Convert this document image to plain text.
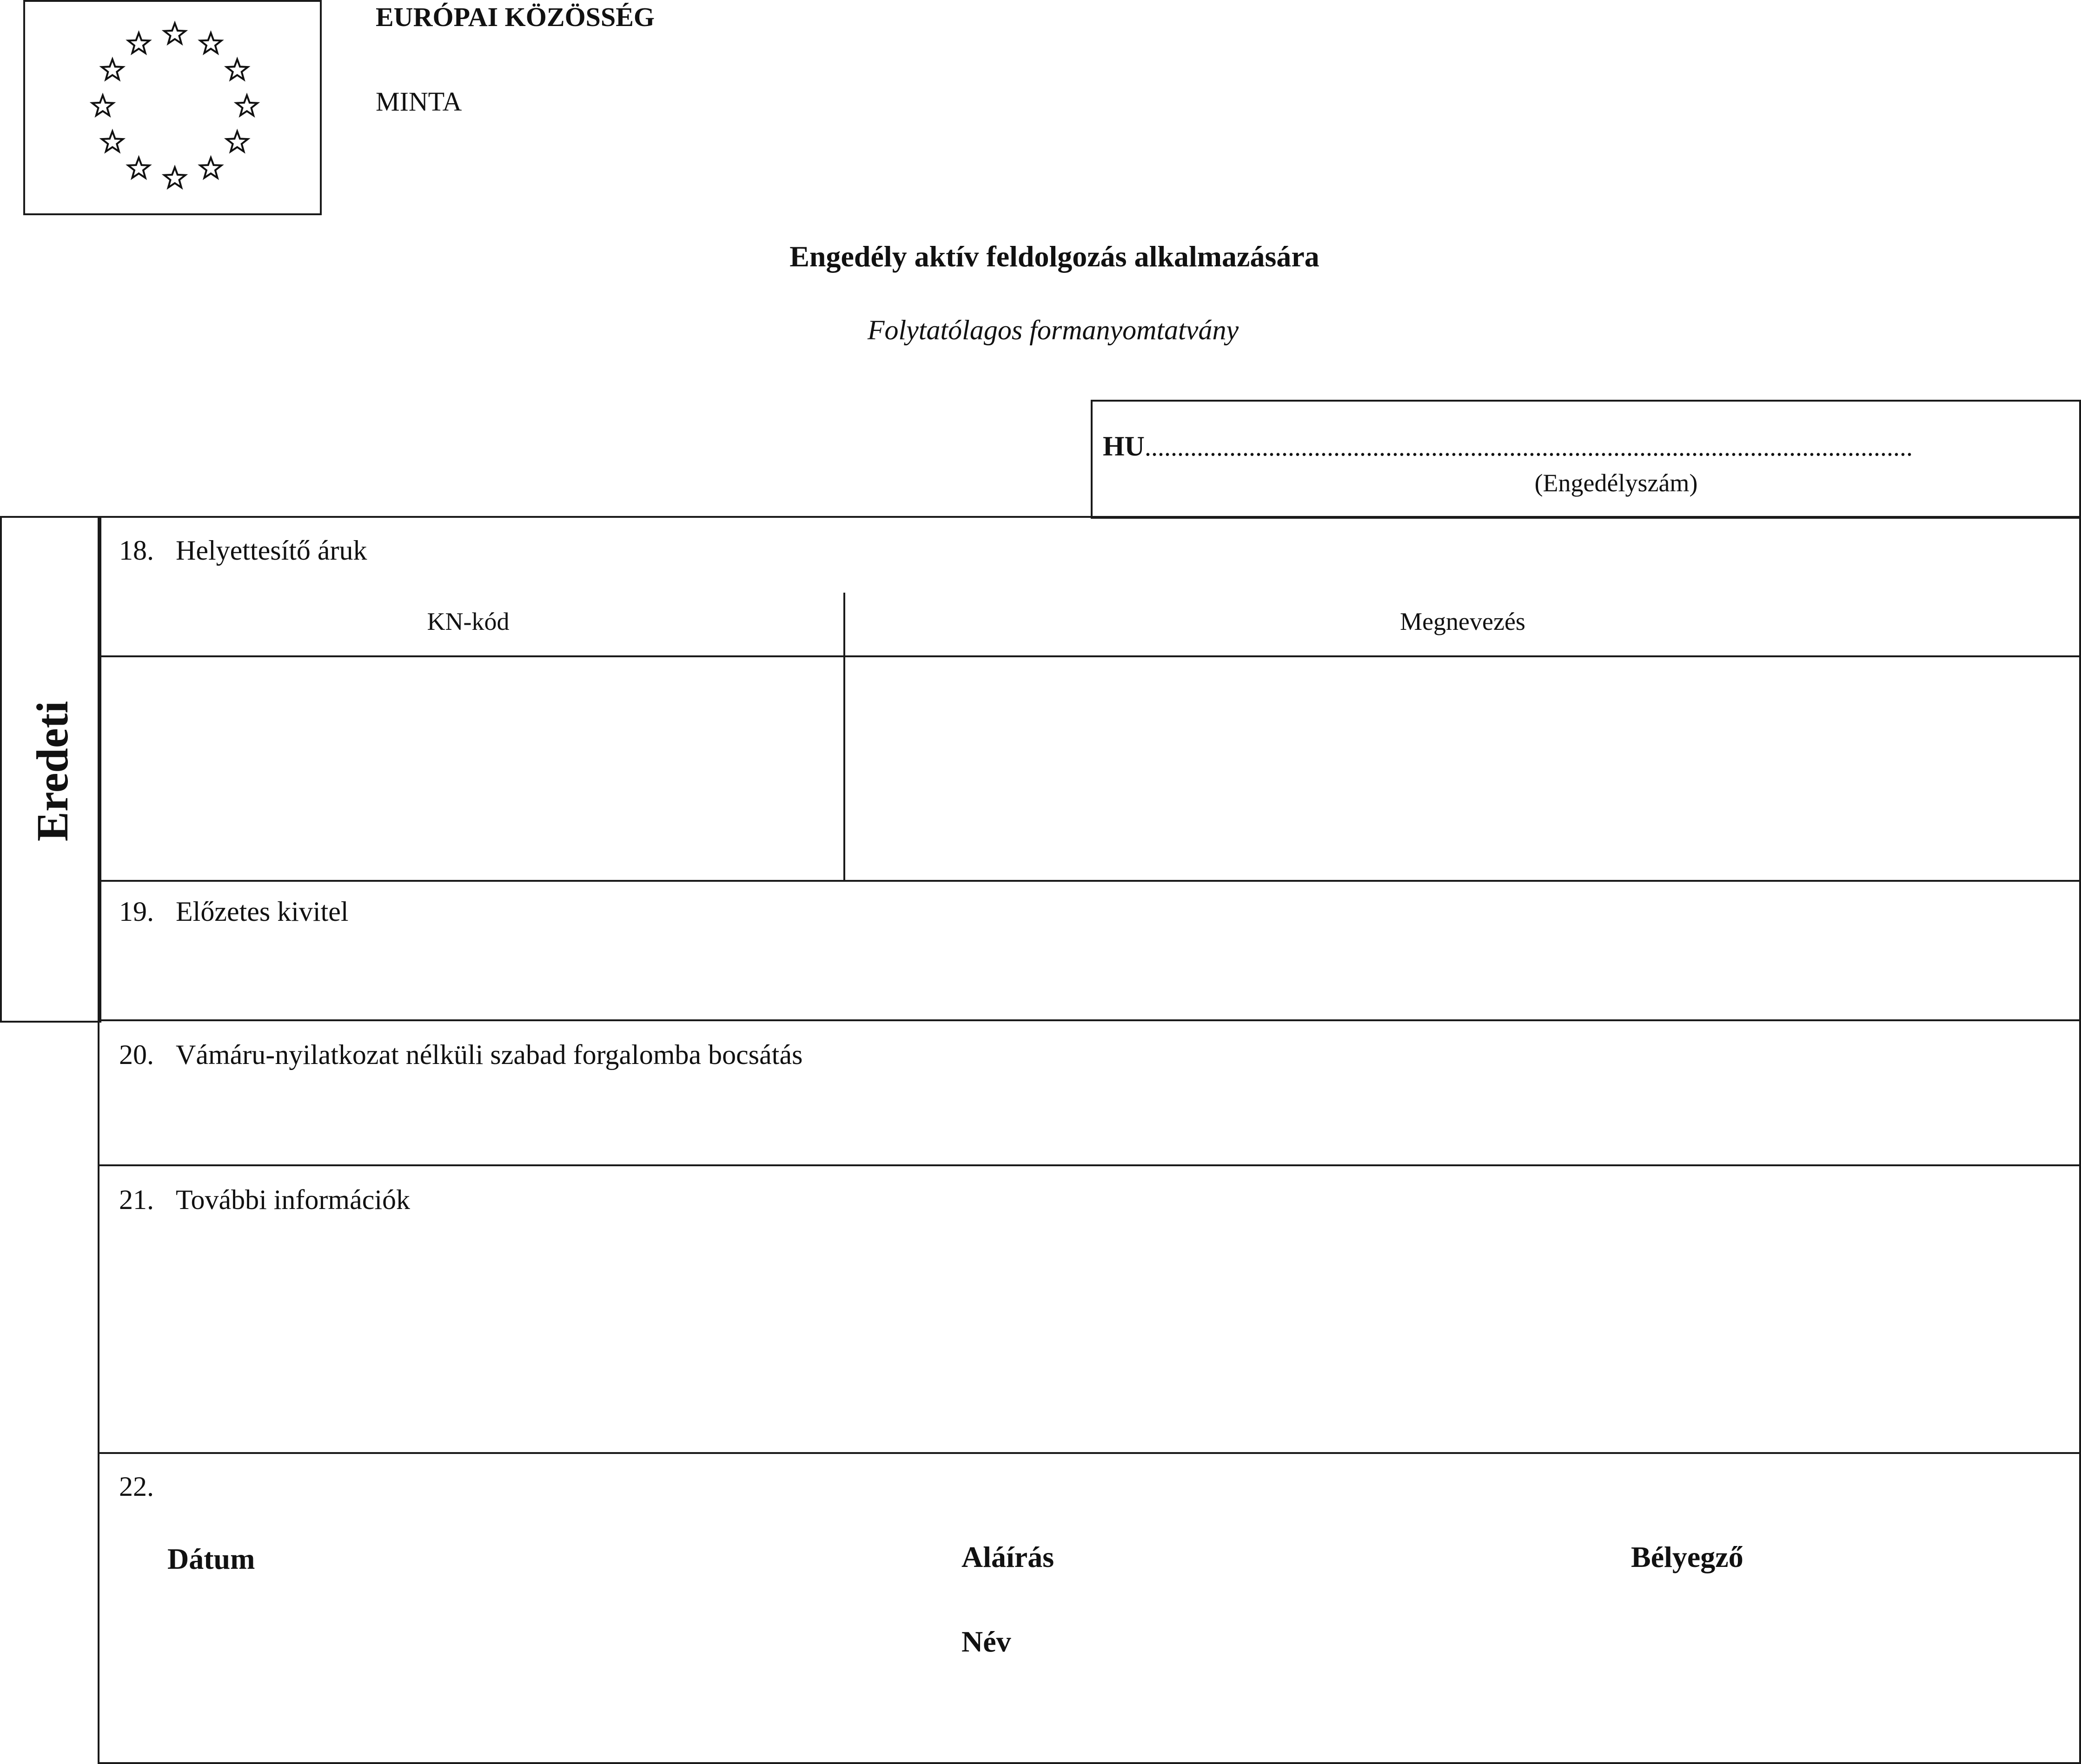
EURÓPAI KÖZÖSSÉG
MINTA
Engedély aktív feldolgozás alkalmazására
Folytatólagos formanyomtatvány
HU......................................................................................................................
(Engedélyszám)
Eredeti
18. Helyettesítő áruk
KN-kód	Megnevezés
19. Előzetes kivitel
20. Vámáru-nyilatkozat nélküli szabad forgalomba bocsátás
21. További információk
22.
Dátum	Aláírás
Név
Bélyegző
